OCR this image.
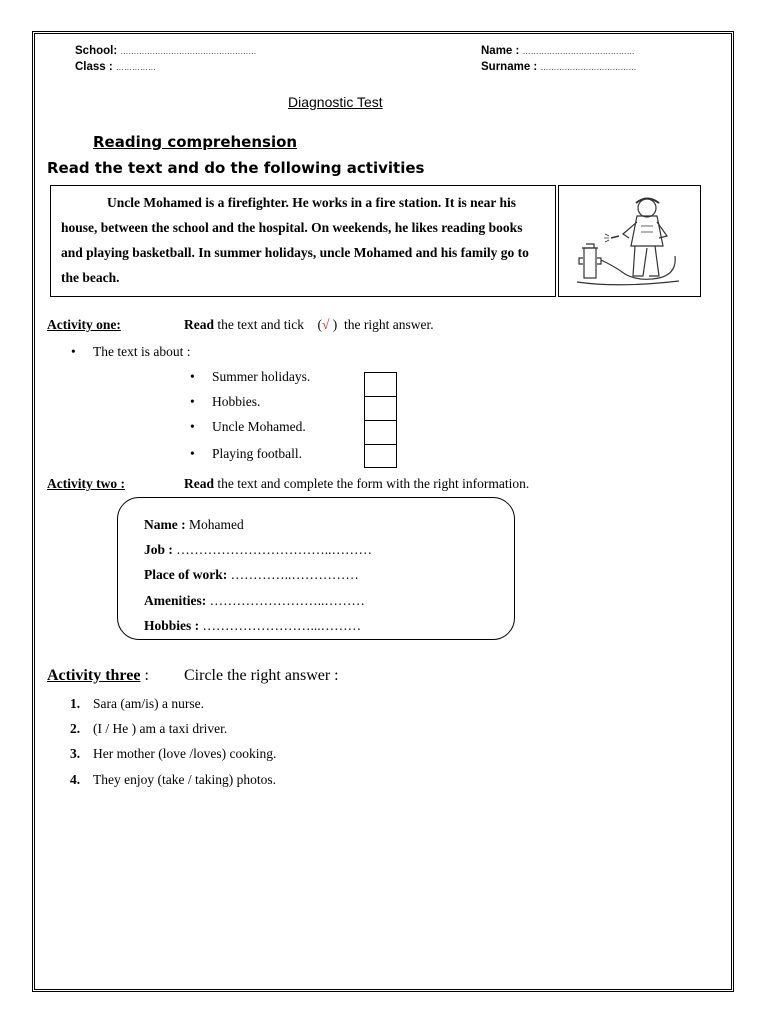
School: ……………………………………………
Class : ……………
Name : ……………………………………
Surname : ………………………………
Diagnostic Test
Reading comprehension
Read the text and do the following activities
Uncle Mohamed is a firefighter. He works in a fire station. It is near his house, between the school and the hospital. On weekends, he likes reading books and playing basketball. In summer holidays, uncle Mohamed and his family go to the beach.
Activity one:	Read the text and tick    (√ )  the right answer.
• The text is about :
• Summer holidays.
• Hobbies.
• Uncle Mohamed.
• Playing football.
Activity two :	Read the text and complete the form with the right information.
Name : Mohamed
Job : ……………………………..………
Place of work: …………..……………
Amenities: ……………………..………
Hobbies : ……………………...………
Activity three : Circle the right answer :
1. Sara (am/is) a nurse.
2. (I / He ) am a taxi driver.
3. Her mother (love /loves) cooking.
4. They enjoy (take / taking) photos.
